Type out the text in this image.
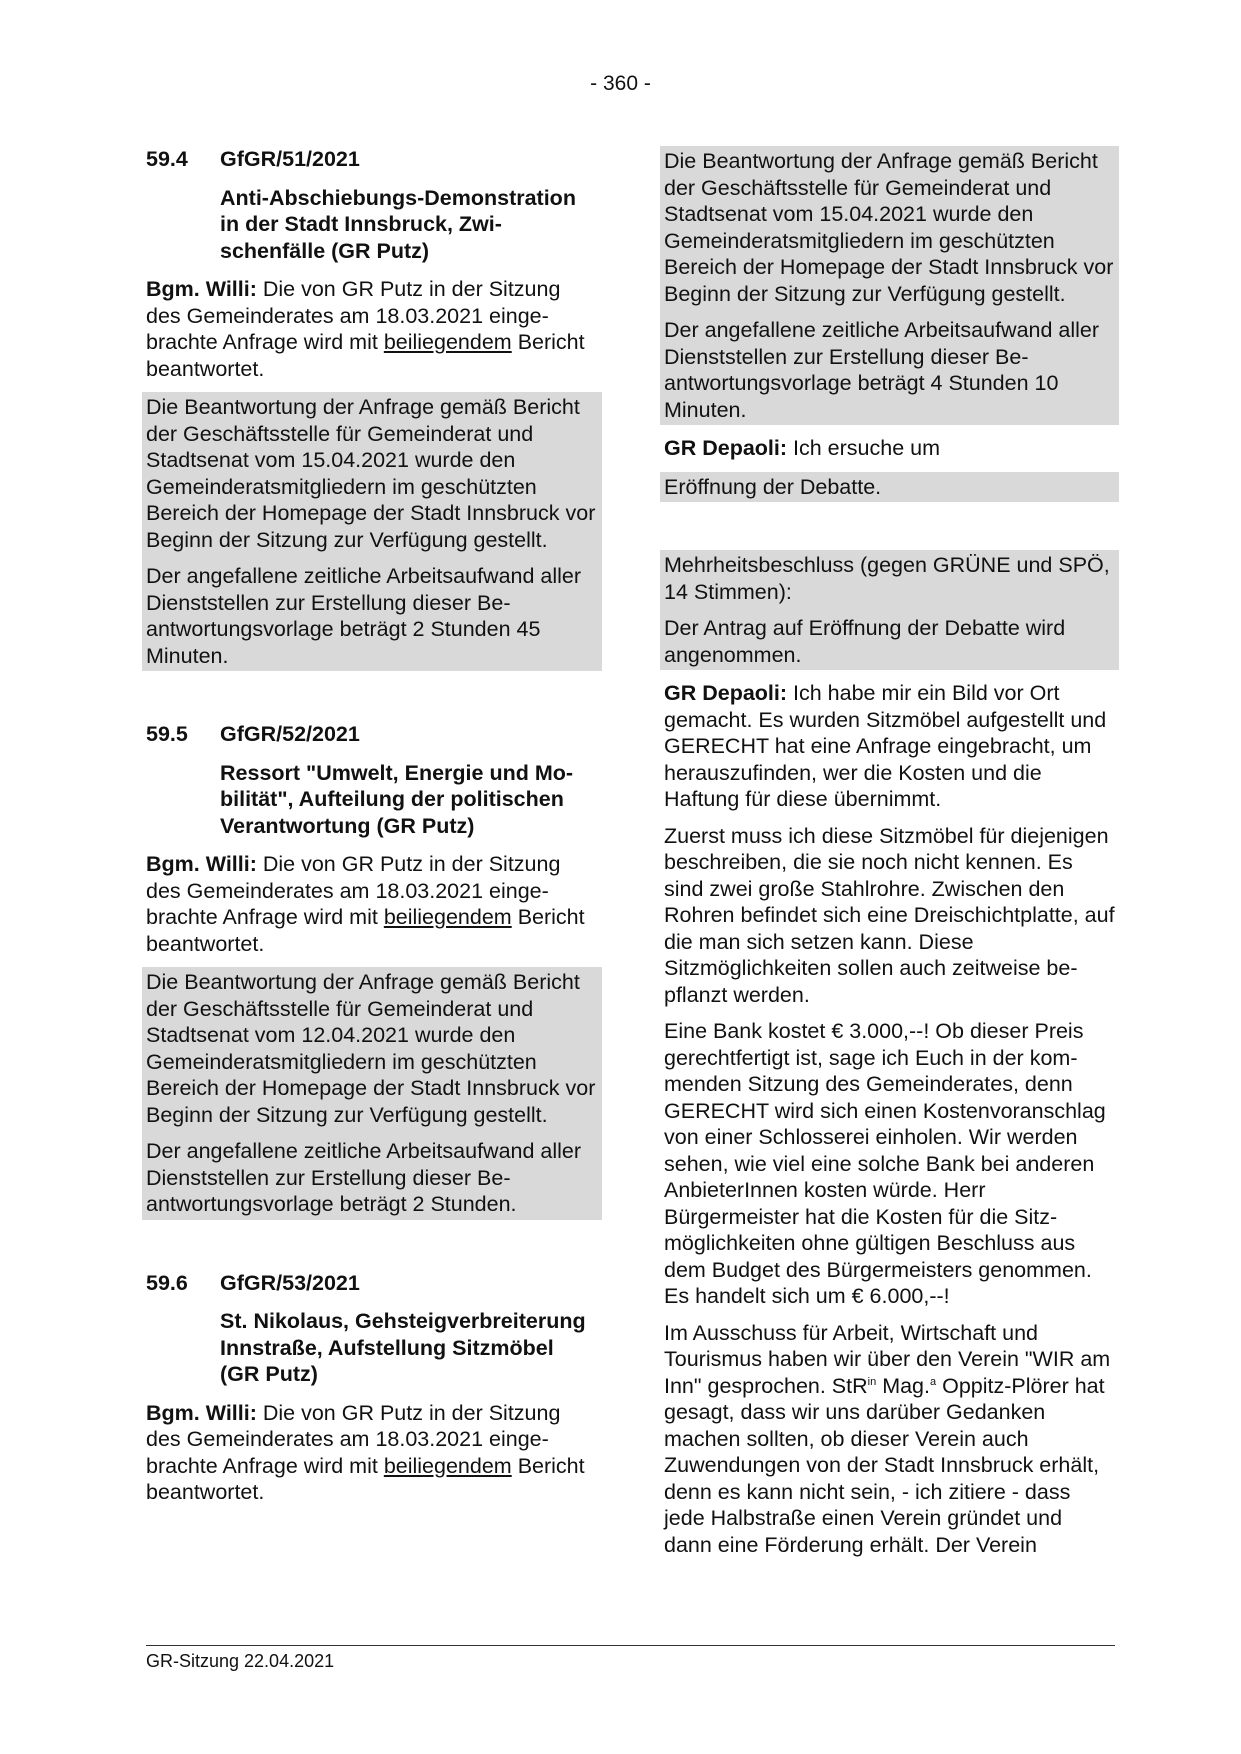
- 360 -
59.4	GfGR/51/2021
Anti-Abschiebungs-Demonstration in der Stadt Innsbruck, Zwischenfälle (GR Putz)

Bgm. Willi: Die von GR Putz in der Sitzung des Gemeinderates am 18.03.2021 eingebrachte Anfrage wird mit beiliegendem Bericht beantwortet.

Die Beantwortung der Anfrage gemäß Bericht der Geschäftsstelle für Gemeinderat und Stadtsenat vom 15.04.2021 wurde den Gemeinderatsmitgliedern im geschützten Bereich der Homepage der Stadt Innsbruck vor Beginn der Sitzung zur Verfügung gestellt.

Der angefallene zeitliche Arbeitsaufwand aller Dienststellen zur Erstellung dieser Beantwortungsvorlage beträgt 2 Stunden 45 Minuten.

59.5	GfGR/52/2021
Ressort "Umwelt, Energie und Mobilität", Aufteilung der politischen Verantwortung (GR Putz)

Bgm. Willi: Die von GR Putz in der Sitzung des Gemeinderates am 18.03.2021 eingebrachte Anfrage wird mit beiliegendem Bericht beantwortet.

Die Beantwortung der Anfrage gemäß Bericht der Geschäftsstelle für Gemeinderat und Stadtsenat vom 12.04.2021 wurde den Gemeinderatsmitgliedern im geschützten Bereich der Homepage der Stadt Innsbruck vor Beginn der Sitzung zur Verfügung gestellt.

Der angefallene zeitliche Arbeitsaufwand aller Dienststellen zur Erstellung dieser Beantwortungsvorlage beträgt 2 Stunden.

59.6	GfGR/53/2021
St. Nikolaus, Gehsteigverbreiterung Innstraße, Aufstellung Sitzmöbel (GR Putz)

Bgm. Willi: Die von GR Putz in der Sitzung des Gemeinderates am 18.03.2021 eingebrachte Anfrage wird mit beiliegendem Bericht beantwortet.

Die Beantwortung der Anfrage gemäß Bericht der Geschäftsstelle für Gemeinderat und Stadtsenat vom 15.04.2021 wurde den Gemeinderatsmitgliedern im geschützten Bereich der Homepage der Stadt Innsbruck vor Beginn der Sitzung zur Verfügung gestellt.

Der angefallene zeitliche Arbeitsaufwand aller Dienststellen zur Erstellung dieser Beantwortungsvorlage beträgt 4 Stunden 10 Minuten.

GR Depaoli: Ich ersuche um

Eröffnung der Debatte.

Mehrheitsbeschluss (gegen GRÜNE und SPÖ, 14 Stimmen):

Der Antrag auf Eröffnung der Debatte wird angenommen.

GR Depaoli: Ich habe mir ein Bild vor Ort gemacht. Es wurden Sitzmöbel aufgestellt und GERECHT hat eine Anfrage eingebracht, um herauszufinden, wer die Kosten und die Haftung für diese übernimmt.

Zuerst muss ich diese Sitzmöbel für diejenigen beschreiben, die sie noch nicht kennen. Es sind zwei große Stahlrohre. Zwischen den Rohren befindet sich eine Dreischichtplatte, auf die man sich setzen kann. Diese Sitzmöglichkeiten sollen auch zeitweise bepflanzt werden.

Eine Bank kostet € 3.000,--! Ob dieser Preis gerechtfertigt ist, sage ich Euch in der kommenden Sitzung des Gemeinderates, denn GERECHT wird sich einen Kostenvoranschlag von einer Schlosserei einholen. Wir werden sehen, wie viel eine solche Bank bei anderen AnbieterInnen kosten würde. Herr Bürgermeister hat die Kosten für die Sitzmöglichkeiten ohne gültigen Beschluss aus dem Budget des Bürgermeisters genommen. Es handelt sich um € 6.000,--!

Im Ausschuss für Arbeit, Wirtschaft und Tourismus haben wir über den Verein "WIR am Inn" gesprochen. StR$^{in}$ Mag.$^a$ Oppitz-Plörer hat gesagt, dass wir uns darüber Gedanken machen sollten, ob dieser Verein auch Zuwendungen von der Stadt Innsbruck erhält, denn es kann nicht sein, - ich zitiere - dass jede Halbstraße einen Verein gründet und dann eine Förderung erhält. Der Verein

GR-Sitzung 22.04.2021
